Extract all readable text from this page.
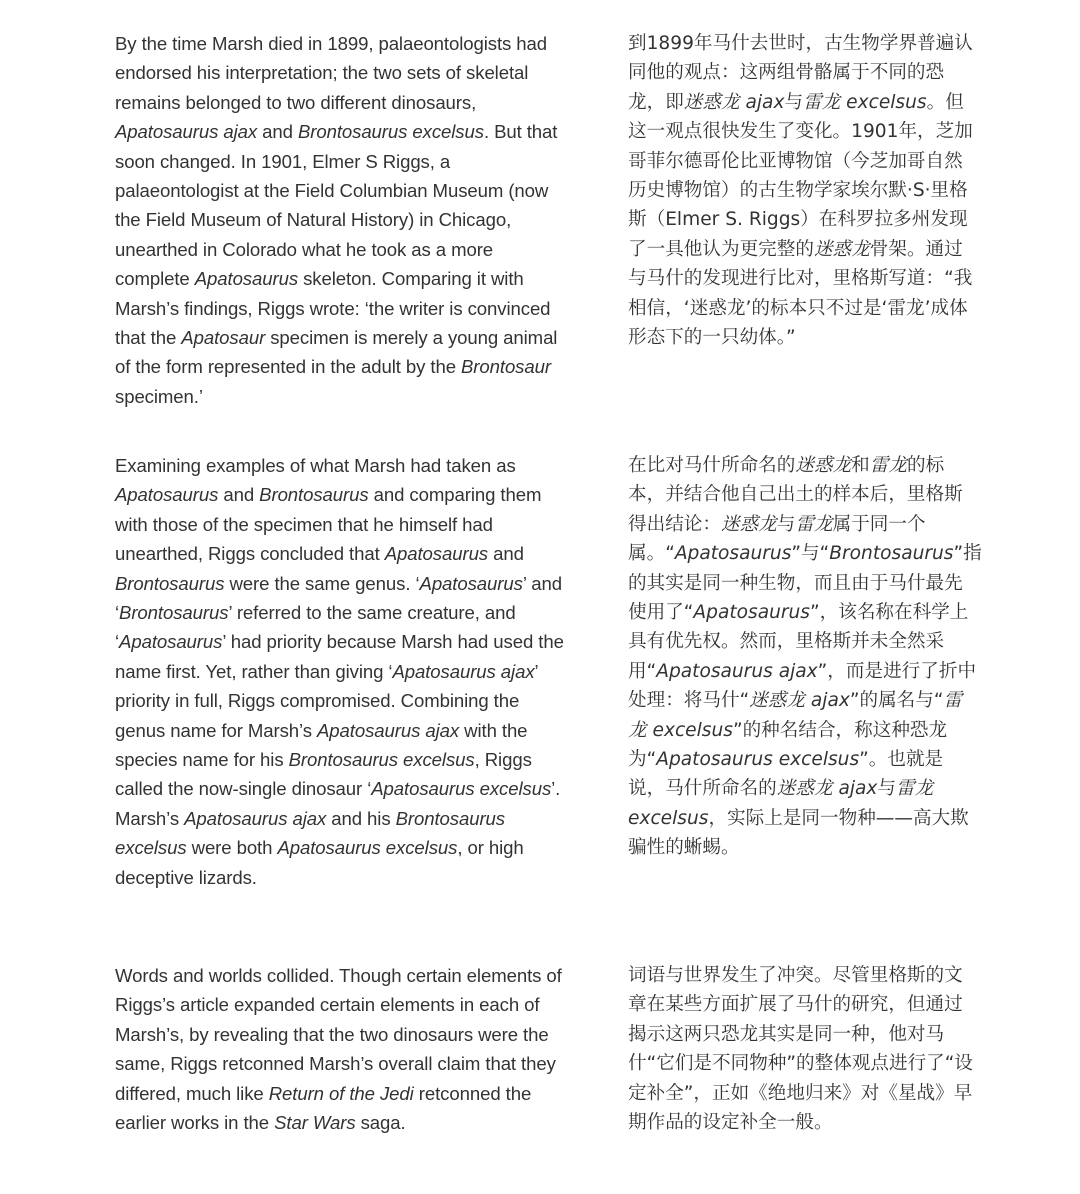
By the time Marsh died in 1899, palaeontologists had endorsed his interpretation; the two sets of skeletal remains belonged to two different dinosaurs, Apatosaurus ajax and Brontosaurus excelsus. But that soon changed. In 1901, Elmer S Riggs, a palaeontologist at the Field Columbian Museum (now the Field Museum of Natural History) in Chicago, unearthed in Colorado what he took as a more complete Apatosaurus skeleton. Comparing it with Marsh’s findings, Riggs wrote: ‘the writer is convinced that the Apatosaur specimen is merely a young animal of the form represented in the adult by the Brontosaur specimen.’

到1899年马什去世时，古生物学界普遍认同他的观点：这两组骨骼属于不同的恐龙，即迷惑龙 ajax与雷龙 excelsus。但这一观点很快发生了变化。1901年，芝加哥菲尔德哥伦比亚博物馆（今芝加哥自然历史博物馆）的古生物学家埃尔默·S·里格斯（Elmer S. Riggs）在科罗拉多州发现了一具他认为更完整的迷惑龙骨架。通过与马什的发现进行比对，里格斯写道：“我相信，‘迷惑龙’的标本只不过是‘雷龙’成体形态下的一只幼体。”

Examining examples of what Marsh had taken as Apatosaurus and Brontosaurus and comparing them with those of the specimen that he himself had unearthed, Riggs concluded that Apatosaurus and Brontosaurus were the same genus. ‘Apatosaurus’ and ‘Brontosaurus’ referred to the same creature, and ‘Apatosaurus’ had priority because Marsh had used the name first. Yet, rather than giving ‘Apatosaurus ajax’ priority in full, Riggs compromised. Combining the genus name for Marsh’s Apatosaurus ajax with the species name for his Brontosaurus excelsus, Riggs called the now-single dinosaur ‘Apatosaurus excelsus’. Marsh’s Apatosaurus ajax and his Brontosaurus excelsus were both Apatosaurus excelsus, or high deceptive lizards.

在比对马什所命名的迷惑龙和雷龙的标本，并结合他自己出土的样本后，里格斯得出结论：迷惑龙与雷龙属于同一个属。“Apatosaurus”与“Brontosaurus”指的其实是同一种生物，而且由于马什最先使用了“Apatosaurus”，该名称在科学上具有优先权。然而，里格斯并未全然采用“Apatosaurus ajax”，而是进行了折中处理：将马什“迷惑龙 ajax”的属名与“雷龙 excelsus”的种名结合，称这种恐龙为“Apatosaurus excelsus”。也就是说，马什所命名的迷惑龙 ajax与雷龙 excelsus，实际上是同一物种——高大欺骗性的蜥蜴。

Words and worlds collided. Though certain elements of Riggs’s article expanded certain elements in each of Marsh’s, by revealing that the two dinosaurs were the same, Riggs retconned Marsh’s overall claim that they differed, much like Return of the Jedi retconned the earlier works in the Star Wars saga.

词语与世界发生了冲突。尽管里格斯的文章在某些方面扩展了马什的研究，但通过揭示这两只恐龙其实是同一种，他对马什“它们是不同物种”的整体观点进行了“设定补全”，正如《绝地归来》对《星战》早期作品的设定补全一般。
